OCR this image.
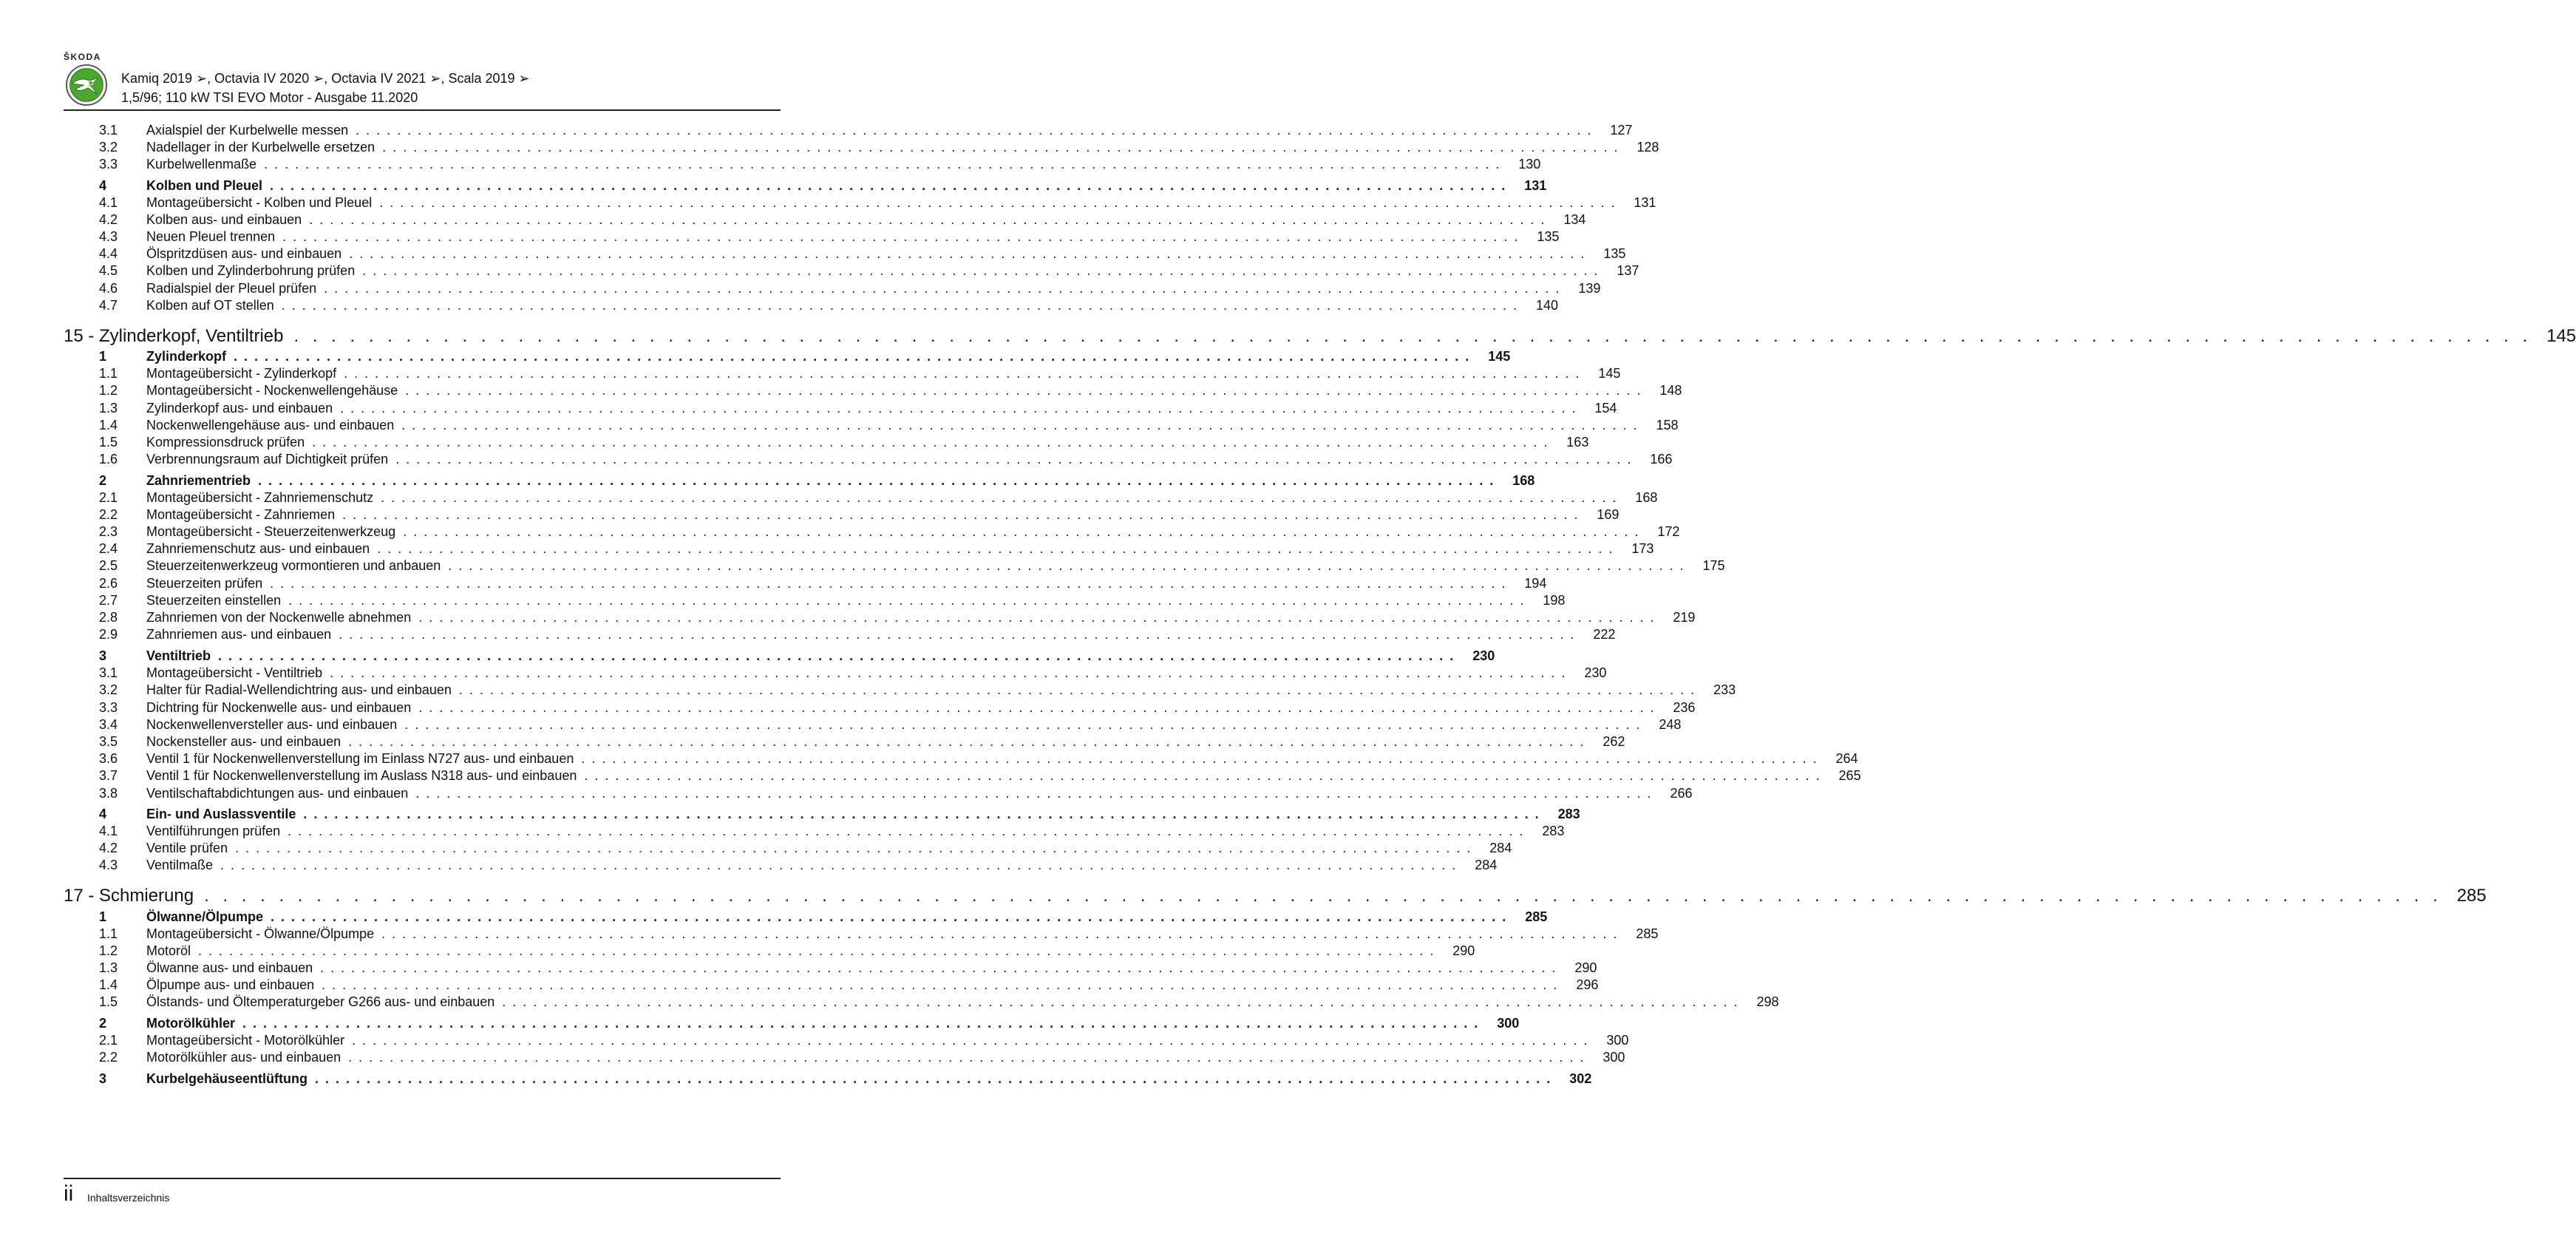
ŠKODA
Kamiq 2019 ➢, Octavia IV 2020 ➢, Octavia IV 2021 ➢, Scala 2019 ➢
1,5/96; 110 kW TSI EVO Motor - Ausgabe 11.2020
3.1	Axialspiel der Kurbelwelle messen . . . . . . . . . . . . . . . . . . . . . . . . . . . . . . . . . . . . . . . . . . . . . . . . . . . . . . . . . . . . . . . . . . . . . . . . . . . . . . . . . . . . . . . . . . . . . . . . . . . . . . . . . . . . . . . . . . . . . . . .	127
3.2	Nadellager in der Kurbelwelle ersetzen . . . . . . . . . . . . . . . . . . . . . . . . . . . . . . . . . . . . . . . . . . . . . . . . . . . . . . . . . . . . . . . . . . . . . . . . . . . . . . . . . . . . . . . . . . . . . . . . . . . . . . . . . . . . . . . . . . . . . . . .	128
3.3	Kurbelwellenmaße . . . . . . . . . . . . . . . . . . . . . . . . . . . . . . . . . . . . . . . . . . . . . . . . . . . . . . . . . . . . . . . . . . . . . . . . . . . . . . . . . . . . . . . . . . . . . . . . . . . . . . . . . . . . . . . . . . . . . . . .	130
4	Kolben und Pleuel . . . . . . . . . . . . . . . . . . . . . . . . . . . . . . . . . . . . . . . . . . . . . . . . . . . . . . . . . . . . . . . . . . . . . . . . . . . . . . . . . . . . . . . . . . . . . . . . . . . . . . . . . . . . . . . . . . . . . . . .	131
4.1	Montageübersicht - Kolben und Pleuel . . . . . . . . . . . . . . . . . . . . . . . . . . . . . . . . . . . . . . . . . . . . . . . . . . . . . . . . . . . . . . . . . . . . . . . . . . . . . . . . . . . . . . . . . . . . . . . . . . . . . . . . . . . . . . . . . . . . . . . .	131
4.2	Kolben aus- und einbauen . . . . . . . . . . . . . . . . . . . . . . . . . . . . . . . . . . . . . . . . . . . . . . . . . . . . . . . . . . . . . . . . . . . . . . . . . . . . . . . . . . . . . . . . . . . . . . . . . . . . . . . . . . . . . . . . . . . . . . . .	134
4.3	Neuen Pleuel trennen . . . . . . . . . . . . . . . . . . . . . . . . . . . . . . . . . . . . . . . . . . . . . . . . . . . . . . . . . . . . . . . . . . . . . . . . . . . . . . . . . . . . . . . . . . . . . . . . . . . . . . . . . . . . . . . . . . . . . . . .	135
4.4	Ölspritzdüsen aus- und einbauen . . . . . . . . . . . . . . . . . . . . . . . . . . . . . . . . . . . . . . . . . . . . . . . . . . . . . . . . . . . . . . . . . . . . . . . . . . . . . . . . . . . . . . . . . . . . . . . . . . . . . . . . . . . . . . . . . . . . . . . .	135
4.5	Kolben und Zylinderbohrung prüfen . . . . . . . . . . . . . . . . . . . . . . . . . . . . . . . . . . . . . . . . . . . . . . . . . . . . . . . . . . . . . . . . . . . . . . . . . . . . . . . . . . . . . . . . . . . . . . . . . . . . . . . . . . . . . . . . . . . . . . . .	137
4.6	Radialspiel der Pleuel prüfen . . . . . . . . . . . . . . . . . . . . . . . . . . . . . . . . . . . . . . . . . . . . . . . . . . . . . . . . . . . . . . . . . . . . . . . . . . . . . . . . . . . . . . . . . . . . . . . . . . . . . . . . . . . . . . . . . . . . . . . .	139
4.7	Kolben auf OT stellen . . . . . . . . . . . . . . . . . . . . . . . . . . . . . . . . . . . . . . . . . . . . . . . . . . . . . . . . . . . . . . . . . . . . . . . . . . . . . . . . . . . . . . . . . . . . . . . . . . . . . . . . . . . . . . . . . . . . . . . .	140
15 - Zylinderkopf, Ventiltrieb . . . . . . . . . . . . . . . . . . . . . . . . . . . . . . . . . . . . . . . . . . . . . . . . . . . . . . . . . . . . . . . . . . . . . . . . . . . . . . . . . . . . . . . . . . . . . . . . . . . . . . . . . . . . . . . . . . . . . . . . 145
1	Zylinderkopf . . . . . . . . . . . . . . . . . . . . . . . . . . . . . . . . . . . . . . . . . . . . . . . . . . . . . . . . . . . . . . . . . . . . . . . . . . . . . . . . . . . . . . . . . . . . . . . . . . . . . . . . . . . . . . . . . . . . . . . .	145
1.1	Montageübersicht - Zylinderkopf . . . . . . . . . . . . . . . . . . . . . . . . . . . . . . . . . . . . . . . . . . . . . . . . . . . . . . . . . . . . . . . . . . . . . . . . . . . . . . . . . . . . . . . . . . . . . . . . . . . . . . . . . . . . . . . . . . . . . . . .	145
1.2	Montageübersicht - Nockenwellengehäuse . . . . . . . . . . . . . . . . . . . . . . . . . . . . . . . . . . . . . . . . . . . . . . . . . . . . . . . . . . . . . . . . . . . . . . . . . . . . . . . . . . . . . . . . . . . . . . . . . . . . . . . . . . . . . . . . . . . . . . . .	148
1.3	Zylinderkopf aus- und einbauen . . . . . . . . . . . . . . . . . . . . . . . . . . . . . . . . . . . . . . . . . . . . . . . . . . . . . . . . . . . . . . . . . . . . . . . . . . . . . . . . . . . . . . . . . . . . . . . . . . . . . . . . . . . . . . . . . . . . . . . .	154
1.4	Nockenwellengehäuse aus- und einbauen . . . . . . . . . . . . . . . . . . . . . . . . . . . . . . . . . . . . . . . . . . . . . . . . . . . . . . . . . . . . . . . . . . . . . . . . . . . . . . . . . . . . . . . . . . . . . . . . . . . . . . . . . . . . . . . . . . . . . . . .	158
1.5	Kompressionsdruck prüfen . . . . . . . . . . . . . . . . . . . . . . . . . . . . . . . . . . . . . . . . . . . . . . . . . . . . . . . . . . . . . . . . . . . . . . . . . . . . . . . . . . . . . . . . . . . . . . . . . . . . . . . . . . . . . . . . . . . . . . . .	163
1.6	Verbrennungsraum auf Dichtigkeit prüfen . . . . . . . . . . . . . . . . . . . . . . . . . . . . . . . . . . . . . . . . . . . . . . . . . . . . . . . . . . . . . . . . . . . . . . . . . . . . . . . . . . . . . . . . . . . . . . . . . . . . . . . . . . . . . . . . . . . . . . . .	166
2	Zahnriementrieb . . . . . . . . . . . . . . . . . . . . . . . . . . . . . . . . . . . . . . . . . . . . . . . . . . . . . . . . . . . . . . . . . . . . . . . . . . . . . . . . . . . . . . . . . . . . . . . . . . . . . . . . . . . . . . . . . . . . . . . .	168
2.1	Montageübersicht - Zahnriemenschutz . . . . . . . . . . . . . . . . . . . . . . . . . . . . . . . . . . . . . . . . . . . . . . . . . . . . . . . . . . . . . . . . . . . . . . . . . . . . . . . . . . . . . . . . . . . . . . . . . . . . . . . . . . . . . . . . . . . . . . . .	168
2.2	Montageübersicht - Zahnriemen . . . . . . . . . . . . . . . . . . . . . . . . . . . . . . . . . . . . . . . . . . . . . . . . . . . . . . . . . . . . . . . . . . . . . . . . . . . . . . . . . . . . . . . . . . . . . . . . . . . . . . . . . . . . . . . . . . . . . . . .	169
2.3	Montageübersicht - Steuerzeitenwerkzeug . . . . . . . . . . . . . . . . . . . . . . . . . . . . . . . . . . . . . . . . . . . . . . . . . . . . . . . . . . . . . . . . . . . . . . . . . . . . . . . . . . . . . . . . . . . . . . . . . . . . . . . . . . . . . . . . . . . . . . . .	172
2.4	Zahnriemenschutz aus- und einbauen . . . . . . . . . . . . . . . . . . . . . . . . . . . . . . . . . . . . . . . . . . . . . . . . . . . . . . . . . . . . . . . . . . . . . . . . . . . . . . . . . . . . . . . . . . . . . . . . . . . . . . . . . . . . . . . . . . . . . . . .	173
2.5	Steuerzeitenwerkzeug vormontieren und anbauen . . . . . . . . . . . . . . . . . . . . . . . . . . . . . . . . . . . . . . . . . . . . . . . . . . . . . . . . . . . . . . . . . . . . . . . . . . . . . . . . . . . . . . . . . . . . . . . . . . . . . . . . . . . . . . . . . . . . . . . .	175
2.6	Steuerzeiten prüfen . . . . . . . . . . . . . . . . . . . . . . . . . . . . . . . . . . . . . . . . . . . . . . . . . . . . . . . . . . . . . . . . . . . . . . . . . . . . . . . . . . . . . . . . . . . . . . . . . . . . . . . . . . . . . . . . . . . . . . . .	194
2.7	Steuerzeiten einstellen . . . . . . . . . . . . . . . . . . . . . . . . . . . . . . . . . . . . . . . . . . . . . . . . . . . . . . . . . . . . . . . . . . . . . . . . . . . . . . . . . . . . . . . . . . . . . . . . . . . . . . . . . . . . . . . . . . . . . . . .	198
2.8	Zahnriemen von der Nockenwelle abnehmen . . . . . . . . . . . . . . . . . . . . . . . . . . . . . . . . . . . . . . . . . . . . . . . . . . . . . . . . . . . . . . . . . . . . . . . . . . . . . . . . . . . . . . . . . . . . . . . . . . . . . . . . . . . . . . . . . . . . . . . .	219
2.9	Zahnriemen aus- und einbauen . . . . . . . . . . . . . . . . . . . . . . . . . . . . . . . . . . . . . . . . . . . . . . . . . . . . . . . . . . . . . . . . . . . . . . . . . . . . . . . . . . . . . . . . . . . . . . . . . . . . . . . . . . . . . . . . . . . . . . . .	222
3	Ventiltrieb . . . . . . . . . . . . . . . . . . . . . . . . . . . . . . . . . . . . . . . . . . . . . . . . . . . . . . . . . . . . . . . . . . . . . . . . . . . . . . . . . . . . . . . . . . . . . . . . . . . . . . . . . . . . . . . . . . . . . . . .	230
3.1	Montageübersicht - Ventiltrieb . . . . . . . . . . . . . . . . . . . . . . . . . . . . . . . . . . . . . . . . . . . . . . . . . . . . . . . . . . . . . . . . . . . . . . . . . . . . . . . . . . . . . . . . . . . . . . . . . . . . . . . . . . . . . . . . . . . . . . . .	230
3.2	Halter für Radial-Wellendichtring aus- und einbauen . . . . . . . . . . . . . . . . . . . . . . . . . . . . . . . . . . . . . . . . . . . . . . . . . . . . . . . . . . . . . . . . . . . . . . . . . . . . . . . . . . . . . . . . . . . . . . . . . . . . . . . . . . . . . . . . . . . . . . . .	233
3.3	Dichtring für Nockenwelle aus- und einbauen . . . . . . . . . . . . . . . . . . . . . . . . . . . . . . . . . . . . . . . . . . . . . . . . . . . . . . . . . . . . . . . . . . . . . . . . . . . . . . . . . . . . . . . . . . . . . . . . . . . . . . . . . . . . . . . . . . . . . . . .	236
3.4	Nockenwellenversteller aus- und einbauen . . . . . . . . . . . . . . . . . . . . . . . . . . . . . . . . . . . . . . . . . . . . . . . . . . . . . . . . . . . . . . . . . . . . . . . . . . . . . . . . . . . . . . . . . . . . . . . . . . . . . . . . . . . . . . . . . . . . . . . .	248
3.5	Nockensteller aus- und einbauen . . . . . . . . . . . . . . . . . . . . . . . . . . . . . . . . . . . . . . . . . . . . . . . . . . . . . . . . . . . . . . . . . . . . . . . . . . . . . . . . . . . . . . . . . . . . . . . . . . . . . . . . . . . . . . . . . . . . . . . .	262
3.6	Ventil 1 für Nockenwellenverstellung im Einlass N727 aus- und einbauen . . . . . . . . . . . . . . . . . . . . . . . . . . . . . . . . . . . . . . . . . . . . . . . . . . . . . . . . . . . . . . . . . . . . . . . . . . . . . . . . . . . . . . . . . . . . . . . . . . . . . . . . . . . . . . . . . . . . . . . .	264
3.7	Ventil 1 für Nockenwellenverstellung im Auslass N318 aus- und einbauen . . . . . . . . . . . . . . . . . . . . . . . . . . . . . . . . . . . . . . . . . . . . . . . . . . . . . . . . . . . . . . . . . . . . . . . . . . . . . . . . . . . . . . . . . . . . . . . . . . . . . . . . . . . . . . . . . . . . . . . .	265
3.8	Ventilschaftabdichtungen aus- und einbauen . . . . . . . . . . . . . . . . . . . . . . . . . . . . . . . . . . . . . . . . . . . . . . . . . . . . . . . . . . . . . . . . . . . . . . . . . . . . . . . . . . . . . . . . . . . . . . . . . . . . . . . . . . . . . . . . . . . . . . . .	266
4	Ein- und Auslassventile . . . . . . . . . . . . . . . . . . . . . . . . . . . . . . . . . . . . . . . . . . . . . . . . . . . . . . . . . . . . . . . . . . . . . . . . . . . . . . . . . . . . . . . . . . . . . . . . . . . . . . . . . . . . . . . . . . . . . . . .	283
4.1	Ventilführungen prüfen . . . . . . . . . . . . . . . . . . . . . . . . . . . . . . . . . . . . . . . . . . . . . . . . . . . . . . . . . . . . . . . . . . . . . . . . . . . . . . . . . . . . . . . . . . . . . . . . . . . . . . . . . . . . . . . . . . . . . . . .	283
4.2	Ventile prüfen . . . . . . . . . . . . . . . . . . . . . . . . . . . . . . . . . . . . . . . . . . . . . . . . . . . . . . . . . . . . . . . . . . . . . . . . . . . . . . . . . . . . . . . . . . . . . . . . . . . . . . . . . . . . . . . . . . . . . . . .	284
4.3	Ventilmaße . . . . . . . . . . . . . . . . . . . . . . . . . . . . . . . . . . . . . . . . . . . . . . . . . . . . . . . . . . . . . . . . . . . . . . . . . . . . . . . . . . . . . . . . . . . . . . . . . . . . . . . . . . . . . . . . . . . . . . . .	284
17 - Schmierung . . . . . . . . . . . . . . . . . . . . . . . . . . . . . . . . . . . . . . . . . . . . . . . . . . . . . . . . . . . . . . . . . . . . . . . . . . . . . . . . . . . . . . . . . . . . . . . . . . . . . . . . . . . . . . . . . . . . . . . . 285
1	Ölwanne/Ölpumpe . . . . . . . . . . . . . . . . . . . . . . . . . . . . . . . . . . . . . . . . . . . . . . . . . . . . . . . . . . . . . . . . . . . . . . . . . . . . . . . . . . . . . . . . . . . . . . . . . . . . . . . . . . . . . . . . . . . . . . . .	285
1.1	Montageübersicht - Ölwanne/Ölpumpe . . . . . . . . . . . . . . . . . . . . . . . . . . . . . . . . . . . . . . . . . . . . . . . . . . . . . . . . . . . . . . . . . . . . . . . . . . . . . . . . . . . . . . . . . . . . . . . . . . . . . . . . . . . . . . . . . . . . . . . .	285
1.2	Motoröl . . . . . . . . . . . . . . . . . . . . . . . . . . . . . . . . . . . . . . . . . . . . . . . . . . . . . . . . . . . . . . . . . . . . . . . . . . . . . . . . . . . . . . . . . . . . . . . . . . . . . . . . . . . . . . . . . . . . . . . .	290
1.3	Ölwanne aus- und einbauen . . . . . . . . . . . . . . . . . . . . . . . . . . . . . . . . . . . . . . . . . . . . . . . . . . . . . . . . . . . . . . . . . . . . . . . . . . . . . . . . . . . . . . . . . . . . . . . . . . . . . . . . . . . . . . . . . . . . . . . .	290
1.4	Ölpumpe aus- und einbauen . . . . . . . . . . . . . . . . . . . . . . . . . . . . . . . . . . . . . . . . . . . . . . . . . . . . . . . . . . . . . . . . . . . . . . . . . . . . . . . . . . . . . . . . . . . . . . . . . . . . . . . . . . . . . . . . . . . . . . . .	296
1.5	Ölstands- und Öltemperaturgeber G266 aus- und einbauen . . . . . . . . . . . . . . . . . . . . . . . . . . . . . . . . . . . . . . . . . . . . . . . . . . . . . . . . . . . . . . . . . . . . . . . . . . . . . . . . . . . . . . . . . . . . . . . . . . . . . . . . . . . . . . . . . . . . . . . .	298
2	Motorölkühler . . . . . . . . . . . . . . . . . . . . . . . . . . . . . . . . . . . . . . . . . . . . . . . . . . . . . . . . . . . . . . . . . . . . . . . . . . . . . . . . . . . . . . . . . . . . . . . . . . . . . . . . . . . . . . . . . . . . . . . .	300
2.1	Montageübersicht - Motorölkühler . . . . . . . . . . . . . . . . . . . . . . . . . . . . . . . . . . . . . . . . . . . . . . . . . . . . . . . . . . . . . . . . . . . . . . . . . . . . . . . . . . . . . . . . . . . . . . . . . . . . . . . . . . . . . . . . . . . . . . . .	300
2.2	Motorölkühler aus- und einbauen . . . . . . . . . . . . . . . . . . . . . . . . . . . . . . . . . . . . . . . . . . . . . . . . . . . . . . . . . . . . . . . . . . . . . . . . . . . . . . . . . . . . . . . . . . . . . . . . . . . . . . . . . . . . . . . . . . . . . . . .	300
3	Kurbelgehäuseentlüftung . . . . . . . . . . . . . . . . . . . . . . . . . . . . . . . . . . . . . . . . . . . . . . . . . . . . . . . . . . . . . . . . . . . . . . . . . . . . . . . . . . . . . . . . . . . . . . . . . . . . . . . . . . . . . . . . . . . . . . . .	302
ii Inhaltsverzeichnis
